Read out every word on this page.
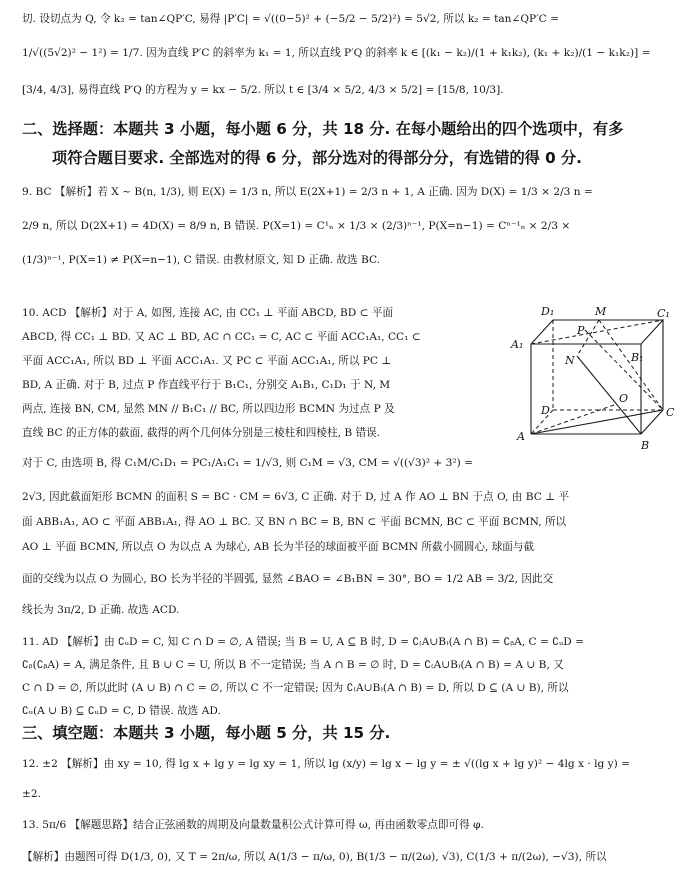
切. 设切点为 Q, 令 k₂ = tan∠QP′C, 易得 |P′C| = √((0−5)² + (−5/2 − 5/2)²) = 5√2, 所以 k₂ = tan∠QP′C =
1/√((5√2)² − 1²) = 1/7. 因为直线 P′C 的斜率为 k₁ = 1, 所以直线 P′Q 的斜率 k ∈ [(k₁ − k₂)/(1 + k₁k₂), (k₁ + k₂)/(1 − k₁k₂)] =
[3/4, 4/3], 易得直线 P′Q 的方程为 y = kx − 5/2. 所以 t ∈ [3/4 × 5/2, 4/3 × 5/2] = [15/8, 10/3].
二、选择题：本题共 3 小题，每小题 6 分，共 18 分. 在每小题给出的四个选项中，有多
项符合题目要求. 全部选对的得 6 分，部分选对的得部分分，有选错的得 0 分.
9. BC 【解析】若 X ~ B(n, 1/3), 则 E(X) = 1/3 n, 所以 E(2X+1) = 2/3 n + 1, A 正确. 因为 D(X) = 1/3 × 2/3 n =
2/9 n, 所以 D(2X+1) = 4D(X) = 8/9 n, B 错误. P(X=1) = C¹ₙ × 1/3 × (2/3)ⁿ⁻¹, P(X=n−1) = Cⁿ⁻¹ₙ × 2/3 ×
(1/3)ⁿ⁻¹, P(X=1) ≠ P(X=n−1), C 错误. 由教材原文, 知 D 正确. 故选 BC.
10. ACD 【解析】对于 A, 如图, 连接 AC, 由 CC₁ ⊥ 平面 ABCD, BD ⊂ 平面
ABCD, 得 CC₁ ⊥ BD. 又 AC ⊥ BD, AC ∩ CC₁ = C, AC ⊂ 平面 ACC₁A₁, CC₁ ⊂
平面 ACC₁A₁, 所以 BD ⊥ 平面 ACC₁A₁. 又 PC ⊂ 平面 ACC₁A₁, 所以 PC ⊥
BD, A 正确. 对于 B, 过点 P 作直线平行于 B₁C₁, 分别交 A₁B₁, C₁D₁ 于 N, M
两点, 连接 BN, CM, 显然 MN // B₁C₁ // BC, 所以四边形 BCMN 为过点 P 及
直线 BC 的正方体的截面, 截得的两个几何体分别是三棱柱和四棱柱, B 错误.
对于 C, 由选项 B, 得 C₁M/C₁D₁ = PC₁/A₁C₁ = 1/√3, 则 C₁M = √3, CM = √((√3)² + 3²) =
2√3, 因此截面矩形 BCMN 的面积 S = BC · CM = 6√3, C 正确. 对于 D, 过 A 作 AO ⊥ BN 于点 O, 由 BC ⊥ 平
面 ABB₁A₁, AO ⊂ 平面 ABB₁A₁, 得 AO ⊥ BC. 又 BN ∩ BC = B, BN ⊂ 平面 BCMN, BC ⊂ 平面 BCMN, 所以
AO ⊥ 平面 BCMN, 所以点 O 为以点 A 为球心, AB 长为半径的球面被平面 BCMN 所截小圆圆心, 球面与截
面的交线为以点 O 为圆心, BO 长为半径的半圆弧, 显然 ∠BAO = ∠B₁BN = 30°, BO = 1/2 AB = 3/2, 因此交
线长为 3π/2, D 正确. 故选 ACD.
11. AD 【解析】由 ∁ᵤD = C, 知 C ∩ D = ∅, A 错误; 当 B = U, A ⊆ B 时, D = ∁₍A∪B₎(A ∩ B) = ∁ᵦA, C = ∁ᵤD =
∁ᵦ(∁ᵦA) = A, 满足条件, 且 B ∪ C = U, 所以 B 不一定错误; 当 A ∩ B = ∅ 时, D = ∁₍A∪B₎(A ∩ B) = A ∪ B, 又
C ∩ D = ∅, 所以此时 (A ∪ B) ∩ C = ∅, 所以 C 不一定错误; 因为 ∁₍A∪B₎(A ∩ B) = D, 所以 D ⊆ (A ∪ B), 所以
∁ᵤ(A ∪ B) ⊆ ∁ᵤD = C, D 错误. 故选 AD.
三、填空题：本题共 3 小题，每小题 5 分，共 15 分.
12. ±2 【解析】由 xy = 10, 得 lg x + lg y = lg xy = 1, 所以 lg (x/y) = lg x − lg y = ± √((lg x + lg y)² − 4lg x · lg y) =
±2.
13. 5π/6 【解题思路】结合正弦函数的周期及向量数量积公式计算可得 ω, 再由函数零点即可得 φ.
【解析】由题图可得 D(1/3, 0), 又 T = 2π/ω, 所以 A(1/3 − π/ω, 0), B(1/3 − π/(2ω), √3), C(1/3 + π/(2ω), −√3), 所以
D₁	M	C₁
P
A₁
N	B₁
D
O
C
A
B
